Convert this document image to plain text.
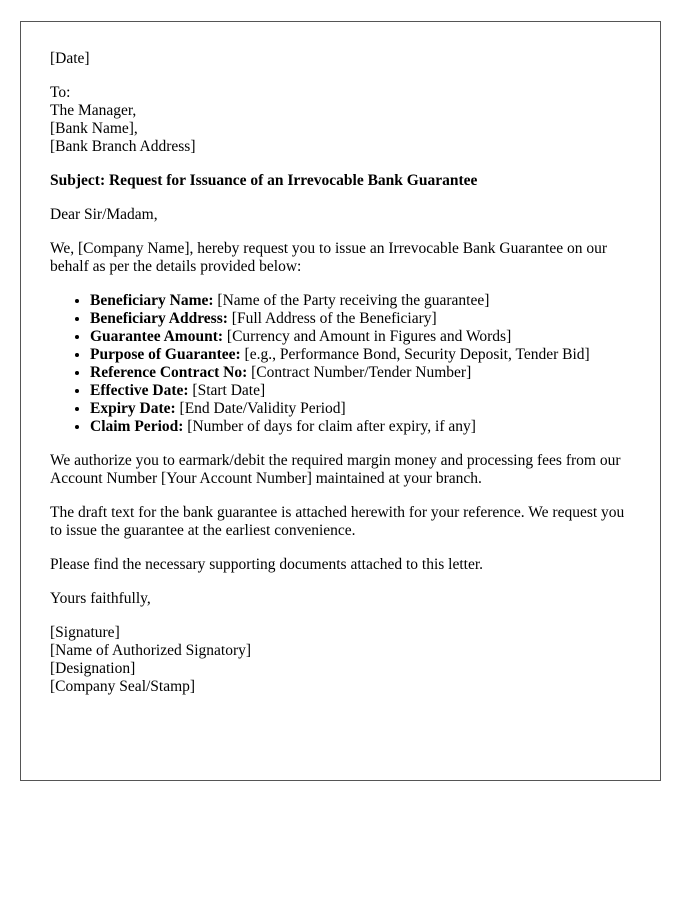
[Date]

To:
The Manager,
[Bank Name],
[Bank Branch Address]

Subject: Request for Issuance of an Irrevocable Bank Guarantee

Dear Sir/Madam,

We, [Company Name], hereby request you to issue an Irrevocable Bank Guarantee on our behalf as per the details provided below:

• Beneficiary Name: [Name of the Party receiving the guarantee]
• Beneficiary Address: [Full Address of the Beneficiary]
• Guarantee Amount: [Currency and Amount in Figures and Words]
• Purpose of Guarantee: [e.g., Performance Bond, Security Deposit, Tender Bid]
• Reference Contract No: [Contract Number/Tender Number]
• Effective Date: [Start Date]
• Expiry Date: [End Date/Validity Period]
• Claim Period: [Number of days for claim after expiry, if any]

We authorize you to earmark/debit the required margin money and processing fees from our Account Number [Your Account Number] maintained at your branch.

The draft text for the bank guarantee is attached herewith for your reference. We request you to issue the guarantee at the earliest convenience.

Please find the necessary supporting documents attached to this letter.

Yours faithfully,

[Signature]
[Name of Authorized Signatory]
[Designation]
[Company Seal/Stamp]
